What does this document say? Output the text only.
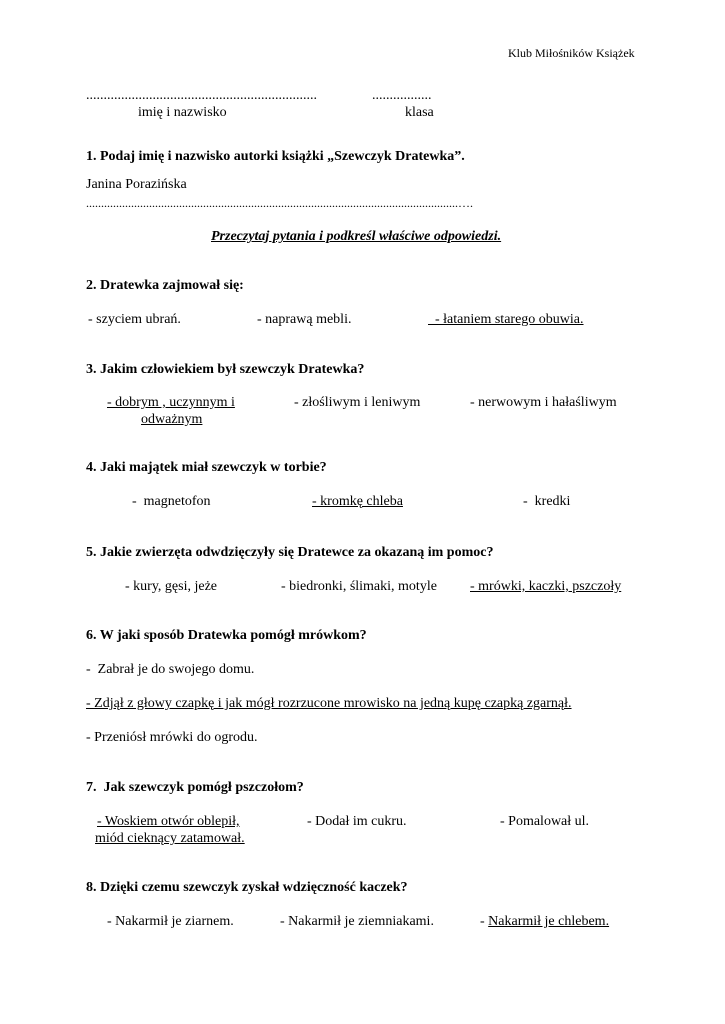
Klub Miłośników Książek
..................................................................	.................
imię i nazwisko	klasa
1. Podaj imię i nazwisko autorki książki „Szewczyk Dratewka”.
Janina Porazińska
............................................................................................................................….
Przeczytaj pytania i podkreśl właściwe odpowiedzi.
2. Dratewka zajmował się:
- szyciem ubrań.	- naprawą mebli.	- łataniem starego obuwia.
3. Jakim człowiekiem był szewczyk Dratewka?
- dobrym , uczynnym i
odważnym
- złośliwym i leniwym	- nerwowym i hałaśliwym
4. Jaki majątek miał szewczyk w torbie?
-  magnetofon	- kromkę chleba	-  kredki
5. Jakie zwierzęta odwdzięczyły się Dratewce za okazaną im pomoc?
- kury, gęsi, jeże	- biedronki, ślimaki, motyle - mrówki, kaczki, pszczoły
6. W jaki sposób Dratewka pomógł mrówkom?
-  Zabrał je do swojego domu.
- Zdjął z głowy czapkę i jak mógł rozrzucone mrowisko na jedną kupę czapką zgarnął.
- Przeniósł mrówki do ogrodu.
7.  Jak szewczyk pomógł pszczołom?
- Woskiem otwór oblepił,
miód cieknący zatamował.
- Dodał im cukru.	- Pomalował ul.
8. Dzięki czemu szewczyk zyskał wdzięczność kaczek?
- Nakarmił je ziarnem.	- Nakarmił je ziemniakami.	- Nakarmił je chlebem.
